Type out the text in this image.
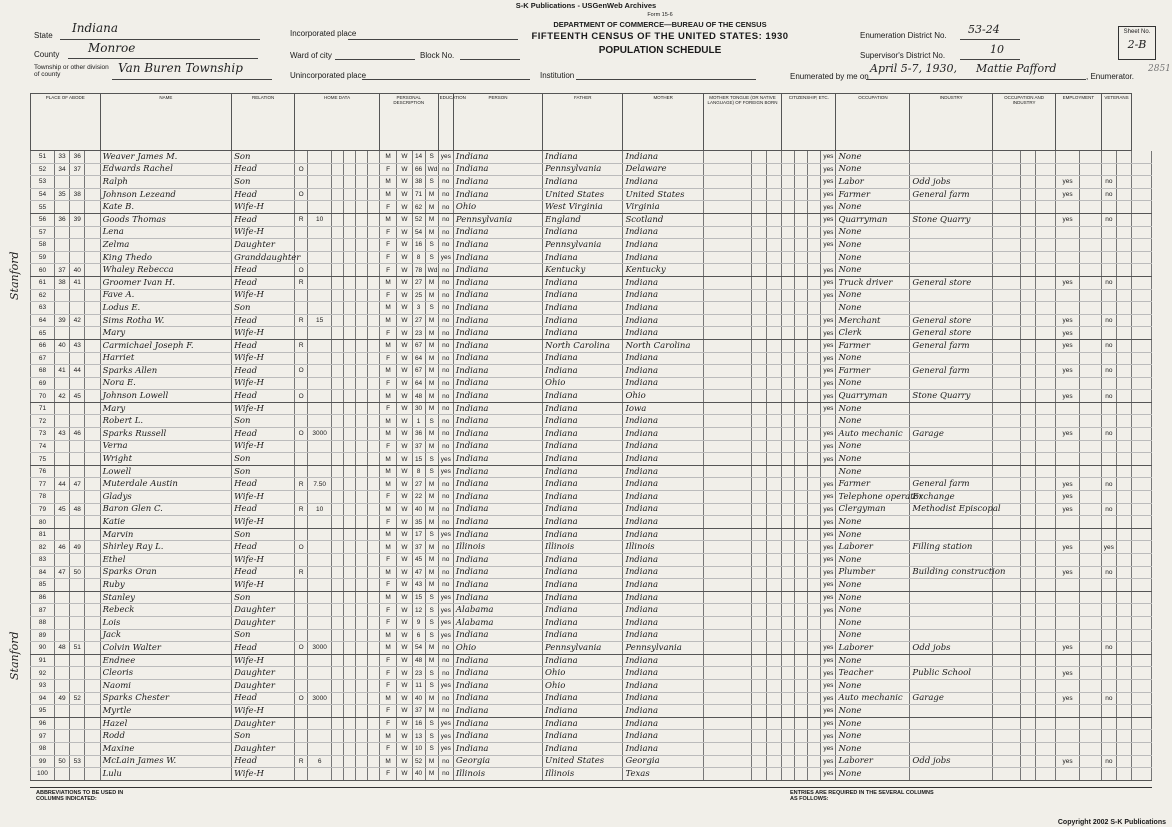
S-K Publications - USGenWeb Archives
Form 15-6
DEPARTMENT OF COMMERCE—BUREAU OF THE CENSUS
FIFTEENTH CENSUS OF THE UNITED STATES: 1930
POPULATION SCHEDULE
State
Indiana
County Monroe
Township or other division of county	Van Buren Township
Incorporated place
Ward of city	Block No.
Unincorporated place	Institution
Enumeration District No. 53-24
Supervisor's District No.	10
Sheet No.
2-B
Enumerated by me on
April 5-7, 1930, Mattie Pafford
, Enumerator.
2851
PLACE OF ABODE				NAME	RELATION	HOME DATA						PERSONAL DESCRIPTION				EDUCATION	PERSON	FATHER	MOTHER	MOTHER TONGUE (OR NATIVE LANGUAGE) OF FOREIGN BORN			CITIZENSHIP, ETC.				OCCUPATION	INDUSTRY	OCCUPATION AND INDUSTRY			EMPLOYMENT		VETERANS		
51	33	36		Weaver James M.	Son							M	W	14	S	yes	Indiana	Indiana	Indiana							yes	None									
52	34	37		Edwards Rachel	Head	O						F	W	66	Wd	no	Indiana	Pennsylvania	Delaware							yes	None									
53				Ralph	Son							M	W	38	S	no	Indiana	Indiana	Indiana							yes	Labor	Odd jobs				yes		no		
54	35	38		Johnson Lezeand	Head	O						M	W	71	M	no	Indiana	United States	United States							yes	Farmer	General farm				yes		no		
55				Kate B.	Wife-H							F	W	62	M	no	Ohio	West Virginia	Virginia							yes	None									
56	36	39		Goods Thomas	Head	R	10					M	W	52	M	no	Pennsylvania	England	Scotland							yes	Quarryman	Stone Quarry				yes		no		
57				Lena	Wife-H							F	W	54	M	no	Indiana	Indiana	Indiana							yes	None									
58				Zelma	Daughter							F	W	16	S	no	Indiana	Pennsylvania	Indiana							yes	None									
59				King Thedo	Granddaughter							F	W	8	S	yes	Indiana	Indiana	Indiana								None									
60	37	40		Whaley Rebecca	Head	O						F	W	78	Wd	no	Indiana	Kentucky	Kentucky							yes	None									
61	38	41		Groomer Ivan H.	Head	R						M	W	27	M	no	Indiana	Indiana	Indiana							yes	Truck driver	General store				yes		no		
62				Fave A.	Wife-H							F	W	25	M	no	Indiana	Indiana	Indiana							yes	None									
63				Lodus E.	Son							M	W	3	S	no	Indiana	Indiana	Indiana								None									
64	39	42		Sims Rotha W.	Head	R	15					M	W	27	M	no	Indiana	Indiana	Indiana							yes	Merchant	General store				yes		no		
65				Mary	Wife-H							F	W	23	M	no	Indiana	Indiana	Indiana							yes	Clerk	General store				yes				
66	40	43		Carmichael Joseph F.	Head	R						M	W	67	M	no	Indiana	North Carolina	North Carolina							yes	Farmer	General farm				yes		no		
67				Harriet	Wife-H							F	W	64	M	no	Indiana	Indiana	Indiana							yes	None									
68	41	44		Sparks Allen	Head	O						M	W	67	M	no	Indiana	Indiana	Indiana							yes	Farmer	General farm				yes		no		
69				Nora E.	Wife-H							F	W	64	M	no	Indiana	Ohio	Indiana							yes	None									
70	42	45		Johnson Lowell	Head	O						M	W	48	M	no	Indiana	Indiana	Ohio							yes	Quarryman	Stone Quarry				yes		no		
71				Mary	Wife-H							F	W	30	M	no	Indiana	Indiana	Iowa							yes	None									
72				Robert L.	Son							M	W	1	S	no	Indiana	Indiana	Indiana								None									
73	43	46		Sparks Russell	Head	O	3000					M	W	36	M	no	Indiana	Indiana	Indiana							yes	Auto mechanic	Garage				yes		no		
74				Verna	Wife-H							F	W	37	M	no	Indiana	Indiana	Indiana							yes	None									
75				Wright	Son							M	W	15	S	yes	Indiana	Indiana	Indiana							yes	None									
76				Lowell	Son							M	W	8	S	yes	Indiana	Indiana	Indiana								None									
77	44	47		Muterdale Austin	Head	R	7.50					M	W	27	M	no	Indiana	Indiana	Indiana							yes	Farmer	General farm				yes		no		
78				Gladys	Wife-H							F	W	22	M	no	Indiana	Indiana	Indiana							yes	Telephone operator	Exchange				yes				
79	45	48		Baron Glen C.	Head	R	10					M	W	40	M	no	Indiana	Indiana	Indiana							yes	Clergyman	Methodist Episcopal				yes		no		
80				Katie	Wife-H							F	W	35	M	no	Indiana	Indiana	Indiana							yes	None									
81				Marvin	Son							M	W	17	S	yes	Indiana	Indiana	Indiana							yes	None									
82	46	49		Shirley Ray L.	Head	O						M	W	37	M	no	Illinois	Illinois	Illinois							yes	Laborer	Filling station				yes		yes		
83				Ethel	Wife-H							F	W	45	M	no	Indiana	Indiana	Indiana							yes	None									
84	47	50		Sparks Oran	Head	R						M	W	47	M	no	Indiana	Indiana	Indiana							yes	Plumber	Building construction				yes		no		
85				Ruby	Wife-H							F	W	43	M	no	Indiana	Indiana	Indiana							yes	None									
86				Stanley	Son							M	W	15	S	yes	Indiana	Indiana	Indiana							yes	None									
87				Rebeck	Daughter							F	W	12	S	yes	Alabama	Indiana	Indiana							yes	None									
88				Lois	Daughter							F	W	9	S	yes	Alabama	Indiana	Indiana								None									
89				Jack	Son							M	W	6	S	yes	Indiana	Indiana	Indiana								None									
90	48	51		Colvin Walter	Head	O	3000					M	W	54	M	no	Ohio	Pennsylvania	Pennsylvania							yes	Laborer	Odd jobs				yes		no		
91				Endnee	Wife-H							F	W	48	M	no	Indiana	Indiana	Indiana							yes	None									
92				Cleoris	Daughter							F	W	23	S	no	Indiana	Ohio	Indiana							yes	Teacher	Public School				yes				
93				Naomi	Daughter							F	W	11	S	yes	Indiana	Ohio	Indiana							yes	None									
94	49	52		Sparks Chester	Head	O	3000					M	W	40	M	no	Indiana	Indiana	Indiana							yes	Auto mechanic	Garage				yes		no		
95				Myrtle	Wife-H							F	W	37	M	no	Indiana	Indiana	Indiana							yes	None									
96				Hazel	Daughter							F	W	16	S	yes	Indiana	Indiana	Indiana							yes	None									
97				Rodd	Son							M	W	13	S	yes	Indiana	Indiana	Indiana							yes	None									
98				Maxine	Daughter							F	W	10	S	yes	Indiana	Indiana	Indiana							yes	None									
99	50	53		McLain James W.	Head	R	6					M	W	52	M	no	Georgia	United States	Georgia							yes	Laborer	Odd jobs				yes		no		
100				Lulu	Wife-H							F	W	40	M	no	Illinois	Illinois	Texas							yes	None									
Stanford
Stanford
ABBREVIATIONS TO BE USED IN COLUMNS INDICATED:
ENTRIES ARE REQUIRED IN THE SEVERAL COLUMNS AS FOLLOWS:
Copyright 2002 S-K Publications
